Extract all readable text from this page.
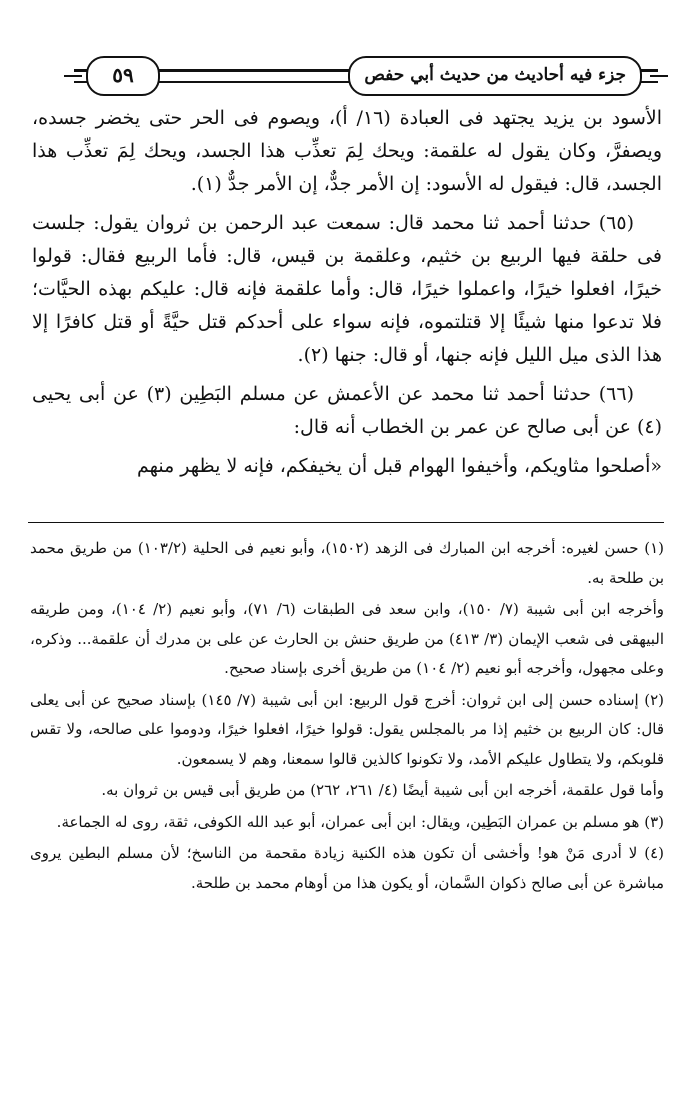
جزء فيه أحاديث من حديث أبي حفص
٥٩

الأسود بن يزيد يجتهد فى العبادة (١٦/ أ)، ويصوم فى الحر حتى يخضر جسده، ويصفرَّ، وكان يقول له علقمة: ويحك لِمَ تعذِّب هذا الجسد، ويحك لِمَ تعذِّب هذا الجسد، قال: فيقول له الأسود: إن الأمر جدٌّ، إن الأمر جدٌّ (١).

(٦٥) حدثنا أحمد ثنا محمد قال: سمعت عبد الرحمن بن ثروان يقول: جلست فى حلقة فيها الربيع بن خثيم، وعلقمة بن قيس، قال: فأما الربيع فقال: قولوا خيرًا، افعلوا خيرًا، واعملوا خيرًا، قال: وأما علقمة فإنه قال: عليكم بهذه الحيَّات؛ فلا تدعوا منها شيئًا إلا قتلتموه، فإنه سواء على أحدكم قتل حيَّةً أو قتل كافرًا إلا هذا الذى ميل الليل فإنه جنها، أو قال: جنها (٢).

(٦٦) حدثنا أحمد ثنا محمد عن الأعمش عن مسلم البَطِين (٣) عن أبى يحيى (٤) عن أبى صالح عن عمر بن الخطاب أنه قال:

«أصلحوا مثاويكم، وأخيفوا الهوام قبل أن يخيفكم، فإنه لا يظهر منهم

(١) حسن لغيره: أخرجه ابن المبارك فى الزهد (١٥٠٢)، وأبو نعيم فى الحلية (١٠٣/٢) من طريق محمد بن طلحة به.

وأخرجه ابن أبى شيبة (٧/ ١٥٠)، وابن سعد فى الطبقات (٦/ ٧١)، وأبو نعيم (٢/ ١٠٤)، ومن طريقه البيهقى فى شعب الإيمان (٣/ ٤١٣) من طريق حنش بن الحارث عن على بن مدرك أن علقمة... وذكره، وعلى مجهول، وأخرجه أبو نعيم (٢/ ١٠٤) من طريق أخرى بإسناد صحيح.

(٢) إسناده حسن إلى ابن ثروان: أخرج قول الربيع: ابن أبى شيبة (٧/ ١٤٥) بإسناد صحيح عن أبى يعلى قال: كان الربيع بن خثيم إذا مر بالمجلس يقول: قولوا خيرًا، افعلوا خيرًا، ودوموا على صالحه، ولا تقس قلوبكم، ولا يتطاول عليكم الأمد، ولا تكونوا كالذين قالوا سمعنا، وهم لا يسمعون.

وأما قول علقمة، أخرجه ابن أبى شيبة أيضًا (٤/ ٢٦١، ٢٦٢) من طريق أبى قيس بن ثروان به.

(٣) هو مسلم بن عمران البَطِين، ويقال: ابن أبى عمران، أبو عبد الله الكوفى، ثقة، روى له الجماعة.

(٤) لا أدرى مَنْ هو! وأخشى أن تكون هذه الكنية زيادة مقحمة من الناسخ؛ لأن مسلم البطين يروى مباشرة عن أبى صالح ذكوان السَّمان، أو يكون هذا من أوهام محمد بن طلحة.
